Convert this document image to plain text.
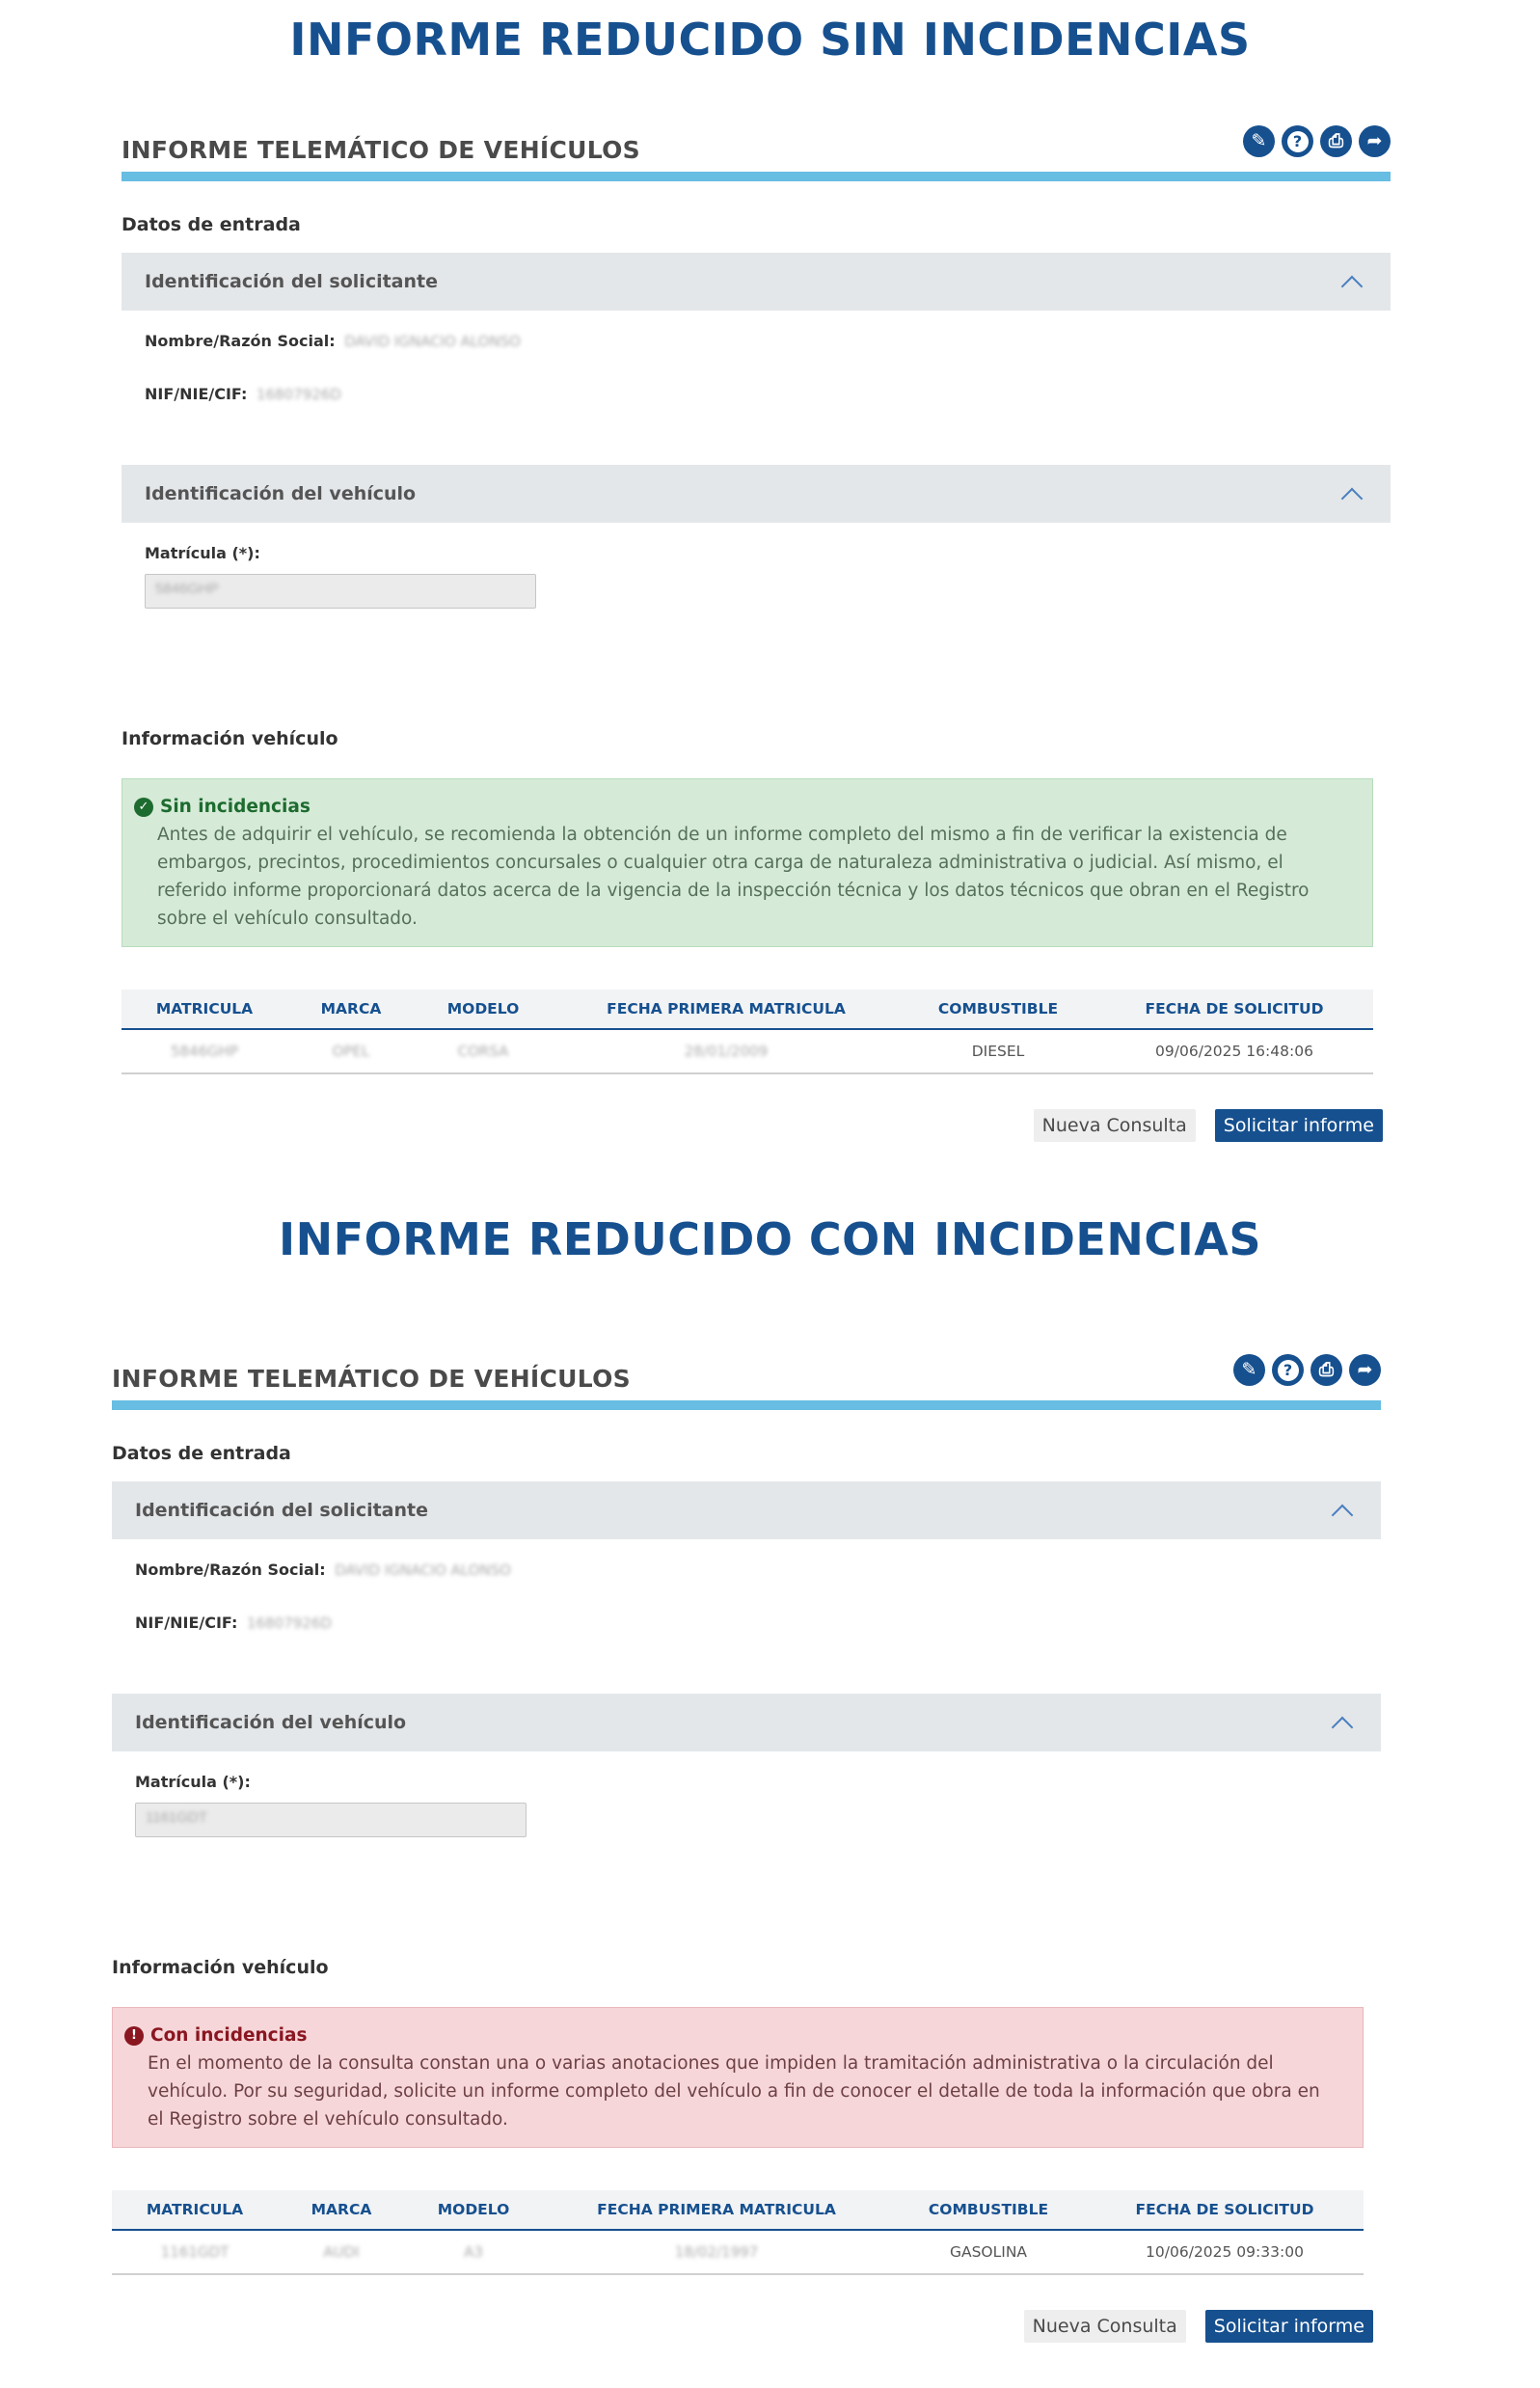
INFORME REDUCIDO SIN INCIDENCIAS
INFORME TELEMÁTICO DE VEHÍCULOS	✎	?	⎙	➦
Datos de entrada
Identificación del solicitante
Nombre/Razón Social: DAVID IGNACIO ALONSO
NIF/NIE/CIF: 16807926D
Identificación del vehículo
Matrícula (*):
5846GHP
Información vehículo
✓ Sin incidencias
Antes de adquirir el vehículo, se recomienda la obtención de un informe completo del mismo a fin de verificar la existencia de embargos, precintos, procedimientos concursales o cualquier otra carga de naturaleza administrativa o judicial. Así mismo, el referido informe proporcionará datos acerca de la vigencia de la inspección técnica y los datos técnicos que obran en el Registro sobre el vehículo consultado.
MATRICULA	MARCA	MODELO	FECHA PRIMERA MATRICULA	COMBUSTIBLE	FECHA DE SOLICITUD
5846GHP	OPEL	CORSA	28/01/2009	DIESEL	09/06/2025 16:48:06
Nueva Consulta	Solicitar informe
INFORME REDUCIDO CON INCIDENCIAS
INFORME TELEMÁTICO DE VEHÍCULOS	✎	?	⎙	➦
Datos de entrada
Identificación del solicitante
Nombre/Razón Social: DAVID IGNACIO ALONSO
NIF/NIE/CIF: 16807926D
Identificación del vehículo
Matrícula (*):
1161GDT
Información vehículo
! Con incidencias
En el momento de la consulta constan una o varias anotaciones que impiden la tramitación administrativa o la circulación del vehículo. Por su seguridad, solicite un informe completo del vehículo a fin de conocer el detalle de toda la información que obra en el Registro sobre el vehículo consultado.
MATRICULA	MARCA	MODELO	FECHA PRIMERA MATRICULA	COMBUSTIBLE	FECHA DE SOLICITUD
1161GDT	AUDI	A3	18/02/1997	GASOLINA	10/06/2025 09:33:00
Nueva Consulta	Solicitar informe
